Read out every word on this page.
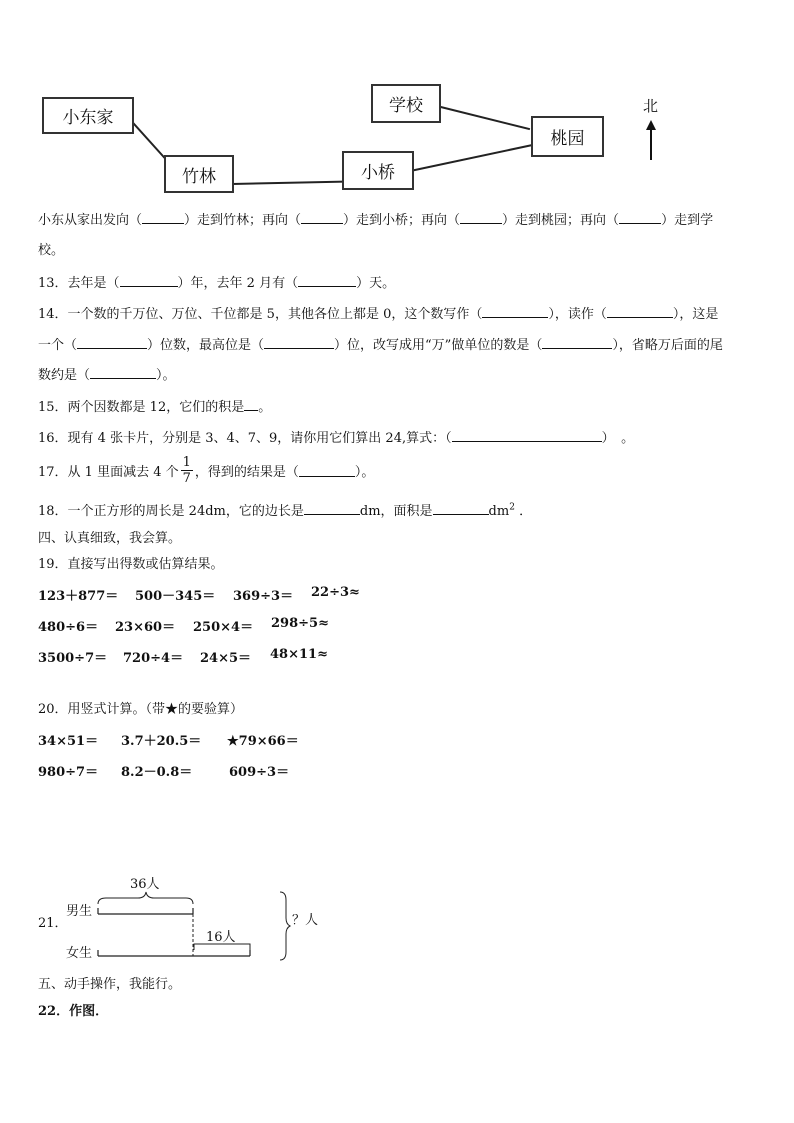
小东家
竹林
学校
小桥
桃园
北
小东从家出发向（	）走到竹林；再向（	）走到小桥；再向（	）走到桃园；再向（	）走到学
校。
13．去年是（	）年，去年 2 月有（	）天。
14．一个数的千万位、万位、千位都是 5，其他各位上都是 0，这个数写作（	），读作（	），这是
一个（	）位数，最高位是（	）位，改写成用“万”做单位的数是（	），省略万后面的尾
数约是（	）。
15．两个因数都是 12，它们的积是 。
16．现有 4 张卡片，分别是 3、4、7、9，请你用它们算出 24,算式：（	）　。
17．从 1 里面减去 4 个 $\frac{1}{7}$ ，得到的结果是（	）。
18．一个正方形的周长是 24dm，它的边长是	dm，面积是	$dm^2$ ．
四、认真细致，我会算。
19．直接写出得数或估算结果。
123＋877＝ 500－345＝ 369÷3＝ 22÷3≈
480÷6＝ 23×60＝ 250×4＝ 298÷5≈
3500÷7＝ 720÷4＝ 24×5＝ 48×11≈
20．用竖式计算。（带★的要验算）
34×51＝ 3.7＋20.5＝ ★79×66＝
980÷7＝ 8.2－0.8＝	609÷3＝
21．
男生
女生
36人
16人
？人
五、动手操作，我能行。
22．作图．
